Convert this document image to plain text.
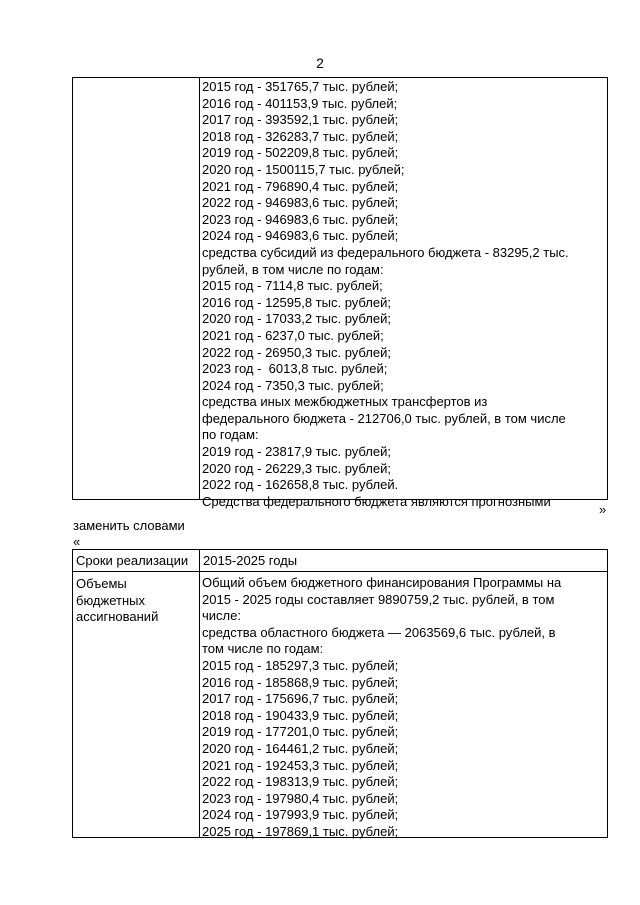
2
2015 год - 351765,7 тыс. рублей;
2016 год - 401153,9 тыс. рублей;
2017 год - 393592,1 тыс. рублей;
2018 год - 326283,7 тыс. рублей;
2019 год - 502209,8 тыс. рублей;
2020 год - 1500115,7 тыс. рублей;
2021 год - 796890,4 тыс. рублей;
2022 год - 946983,6 тыс. рублей;
2023 год - 946983,6 тыс. рублей;
2024 год - 946983,6 тыс. рублей;
средства субсидий из федерального бюджета - 83295,2 тыс.
рублей, в том числе по годам:
2015 год - 7114,8 тыс. рублей;
2016 год - 12595,8 тыс. рублей;
2020 год - 17033,2 тыс. рублей;
2021 год - 6237,0 тыс. рублей;
2022 год - 26950,3 тыс. рублей;
2023 год -  6013,8 тыс. рублей;
2024 год - 7350,3 тыс. рублей;
средства иных межбюджетных трансфертов из
федерального бюджета - 212706,0 тыс. рублей, в том числе
по годам:
2019 год - 23817,9 тыс. рублей;
2020 год - 26229,3 тыс. рублей;
2022 год - 162658,8 тыс. рублей.
Средства федерального бюджета являются прогнозными
»
заменить словами
«
Сроки реализации 2015-2025 годы
Объемы
бюджетных
ассигнований
Общий объем бюджетного финансирования Программы на
2015 - 2025 годы составляет 9890759,2 тыс. рублей, в том
числе:
средства областного бюджета — 2063569,6 тыс. рублей, в
том числе по годам:
2015 год - 185297,3 тыс. рублей;
2016 год - 185868,9 тыс. рублей;
2017 год - 175696,7 тыс. рублей;
2018 год - 190433,9 тыс. рублей;
2019 год - 177201,0 тыс. рублей;
2020 год - 164461,2 тыс. рублей;
2021 год - 192453,3 тыс. рублей;
2022 год - 198313,9 тыс. рублей;
2023 год - 197980,4 тыс. рублей;
2024 год - 197993,9 тыс. рублей;
2025 год - 197869,1 тыс. рублей;
